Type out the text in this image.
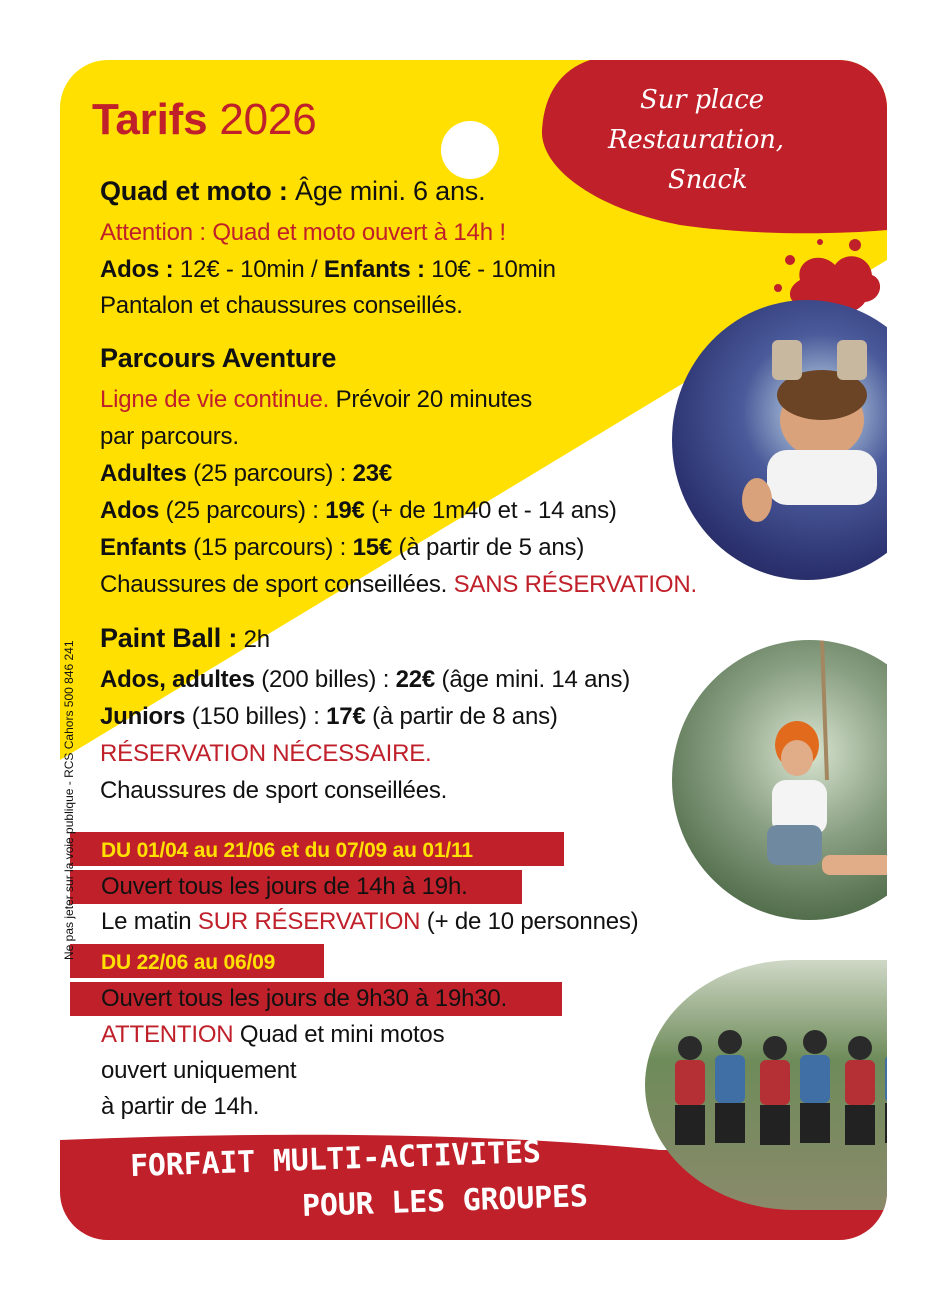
Sur place
Restauration,
Snack
Tarifs 2026
Quad et moto : Âge mini. 6 ans.
Attention : Quad et moto ouvert à 14h !
Ados : 12€ - 10min / Enfants : 10€ - 10min
Pantalon et chaussures conseillés.
Parcours Aventure
Ligne de vie continue. Prévoir 20 minutes
par parcours.
Adultes (25 parcours) : 23€
Ados (25 parcours) : 19€ (+ de 1m40 et - 14 ans)
Enfants (15 parcours) : 15€ (à partir de 5 ans)
Chaussures de sport conseillées. SANS RÉSERVATION.
Paint Ball : 2h
Ados, adultes (200 billes) : 22€ (âge mini. 14 ans)
Juniors (150 billes) : 17€ (à partir de 8 ans)
RÉSERVATION NÉCESSAIRE.
Chaussures de sport conseillées.
DU 01/04 au 21/06 et du 07/09 au 01/11
Ouvert tous les jours de 14h à 19h.
Le matin SUR RÉSERVATION (+ de 10 personnes)
DU 22/06 au 06/09
Ouvert tous les jours de 9h30 à 19h30.
ATTENTION Quad et mini motos
ouvert uniquement
à partir de 14h.
FORFAIT MULTI-ACTIVITÉS
POUR LES GROUPES
Ne pas jeter sur la voie publique - RCS Cahors 500 846 241
